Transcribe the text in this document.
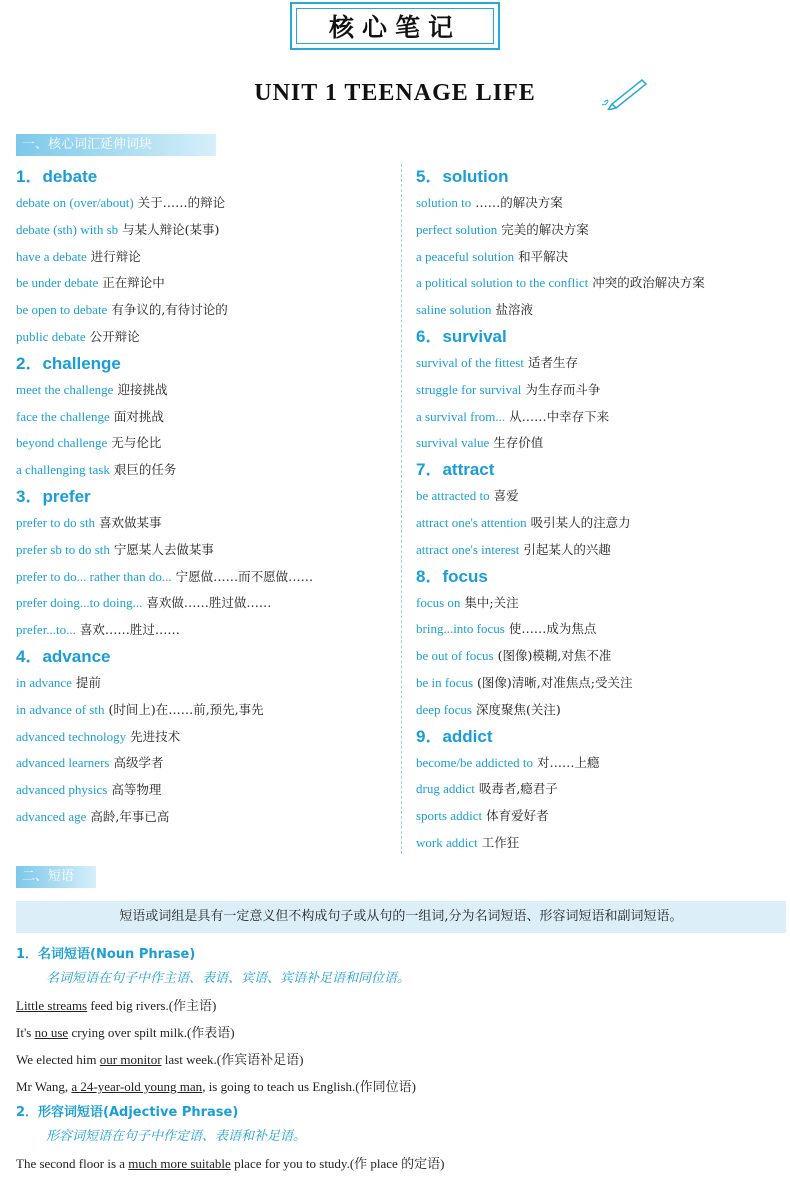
核心笔记
UNIT 1 TEENAGE LIFE
一、核心词汇延伸词块
1．debate
debate on (over/about) 关于……的辩论
debate (sth) with sb 与某人辩论(某事)
have a debate 进行辩论
be under debate 正在辩论中
be open to debate 有争议的,有待讨论的
public debate 公开辩论
2．challenge
meet the challenge 迎接挑战
face the challenge 面对挑战
beyond challenge 无与伦比
a challenging task 艰巨的任务
3．prefer
prefer to do sth 喜欢做某事
prefer sb to do sth 宁愿某人去做某事
prefer to do... rather than do... 宁愿做……而不愿做……
prefer doing...to doing... 喜欢做……胜过做……
prefer...to... 喜欢……胜过……
4．advance
in advance 提前
in advance of sth (时间上)在……前,预先,事先
advanced technology 先进技术
advanced learners 高级学者
advanced physics 高等物理
advanced age 高龄,年事已高
5．solution
solution to ……的解决方案
perfect solution 完美的解决方案
a peaceful solution 和平解决
a political solution to the conflict 冲突的政治解决方案
saline solution 盐溶液
6．survival
survival of the fittest 适者生存
struggle for survival 为生存而斗争
a survival from... 从……中幸存下来
survival value 生存价值
7．attract
be attracted to 喜爱
attract one's attention 吸引某人的注意力
attract one's interest 引起某人的兴趣
8．focus
focus on 集中;关注
bring...into focus 使……成为焦点
be out of focus (图像)模糊,对焦不准
be in focus (图像)清晰,对准焦点;受关注
deep focus 深度聚焦(关注)
9．addict
become/be addicted to 对……上瘾
drug addict 吸毒者,瘾君子
sports addict 体育爱好者
work addict 工作狂
二、短语
短语或词组是具有一定意义但不构成句子或从句的一组词,分为名词短语、形容词短语和副词短语。
1．名词短语(Noun Phrase)
名词短语在句子中作主语、表语、宾语、宾语补足语和同位语。
Little streams feed big rivers.(作主语)
It's no use crying over spilt milk.(作表语)
We elected him our monitor last week.(作宾语补足语)
Mr Wang, a 24-year-old young man, is going to teach us English.(作同位语)
2．形容词短语(Adjective Phrase)
形容词短语在句子中作定语、表语和补足语。
The second floor is a much more suitable place for you to study.(作 place 的定语)
